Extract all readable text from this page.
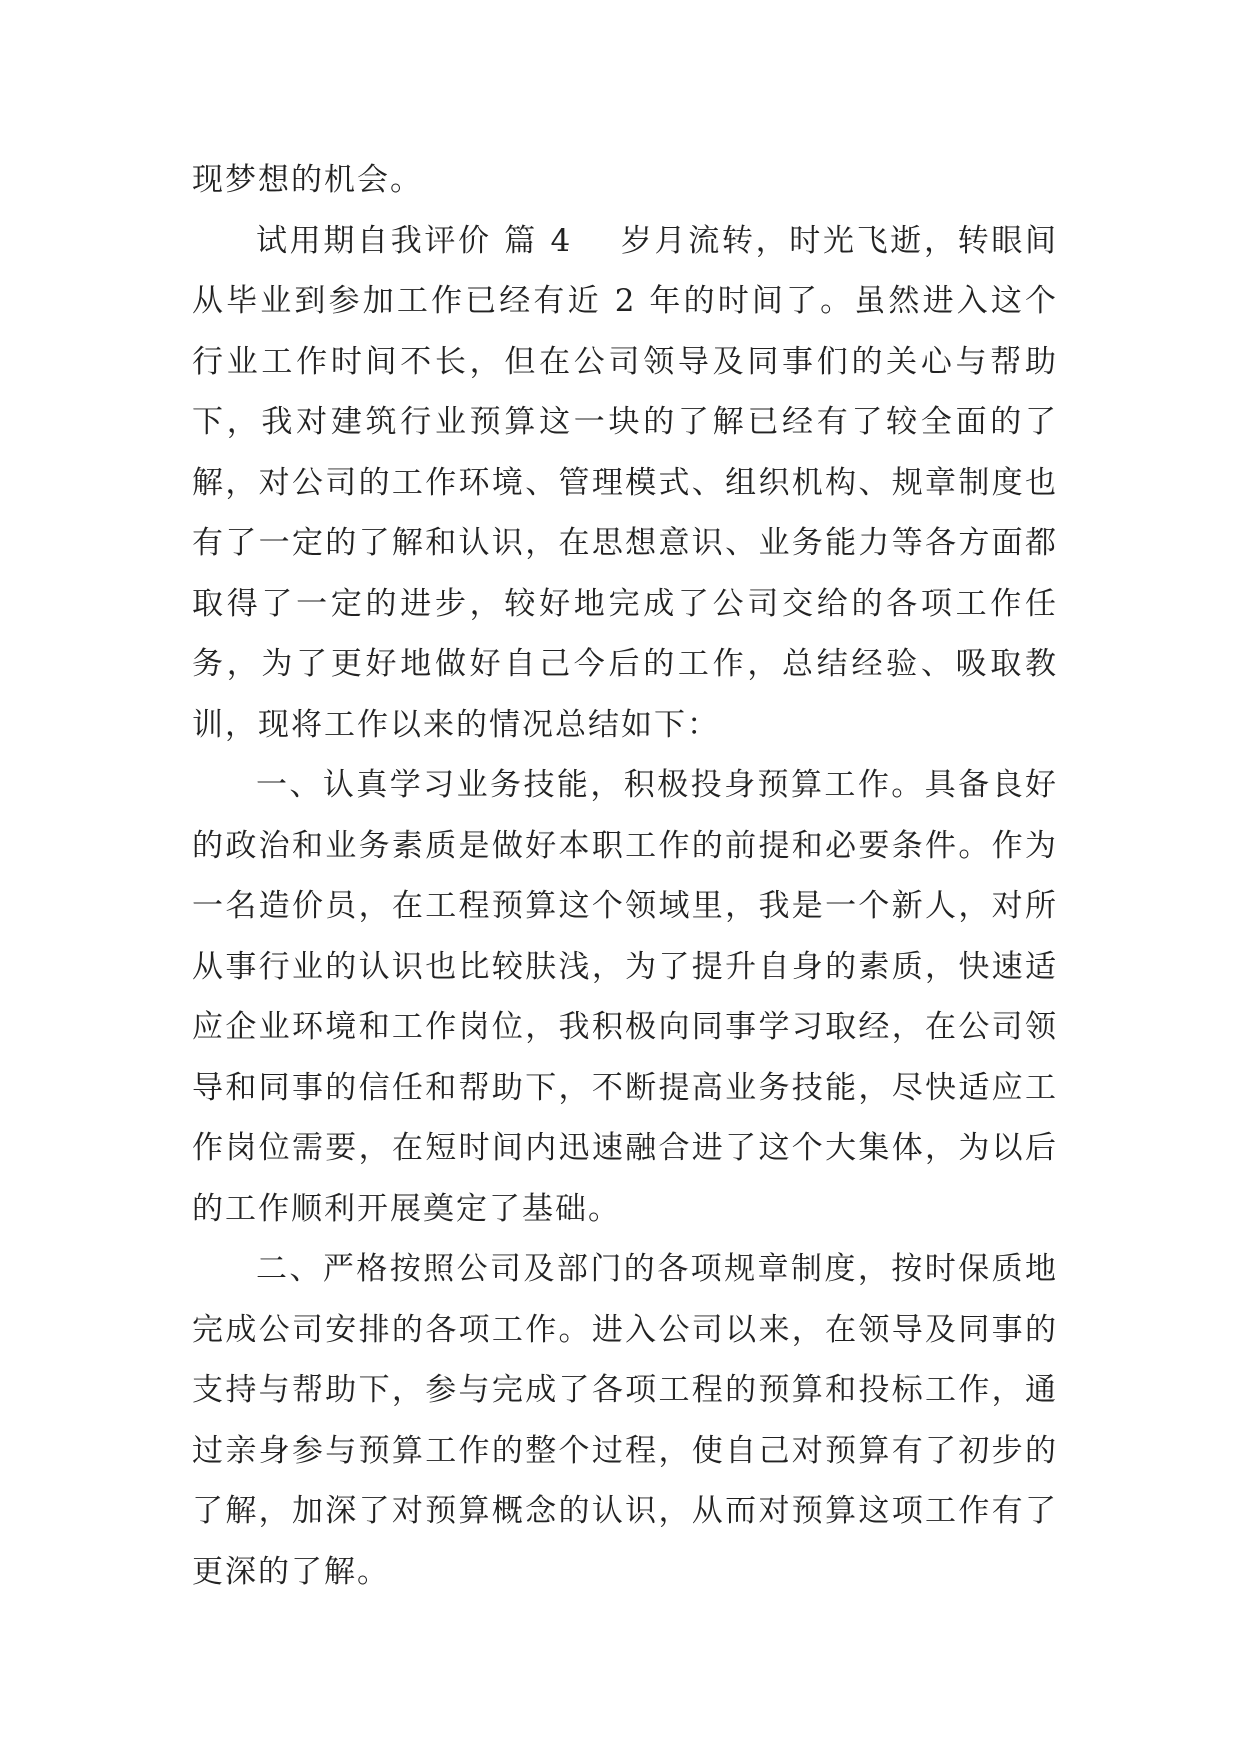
现梦想的机会。

试用期自我评价 篇 4 岁月流转，时光飞逝，转眼间从毕业到参加工作已经有近 2 年的时间了。虽然进入这个行业工作时间不长，但在公司领导及同事们的关心与帮助下，我对建筑行业预算这一块的了解已经有了较全面的了解，对公司的工作环境、管理模式、组织机构、规章制度也有了一定的了解和认识，在思想意识、业务能力等各方面都取得了一定的进步，较好地完成了公司交给的各项工作任务，为了更好地做好自己今后的工作，总结经验、吸取教训，现将工作以来的情况总结如下：

一、认真学习业务技能，积极投身预算工作。具备良好的政治和业务素质是做好本职工作的前提和必要条件。作为一名造价员，在工程预算这个领域里，我是一个新人，对所从事行业的认识也比较肤浅，为了提升自身的素质，快速适应企业环境和工作岗位，我积极向同事学习取经，在公司领导和同事的信任和帮助下，不断提高业务技能，尽快适应工作岗位需要，在短时间内迅速融合进了这个大集体，为以后的工作顺利开展奠定了基础。

二、严格按照公司及部门的各项规章制度，按时保质地完成公司安排的各项工作。进入公司以来，在领导及同事的支持与帮助下，参与完成了各项工程的预算和投标工作，通过亲身参与预算工作的整个过程，使自己对预算有了初步的了解，加深了对预算概念的认识，从而对预算这项工作有了更深的了解。
